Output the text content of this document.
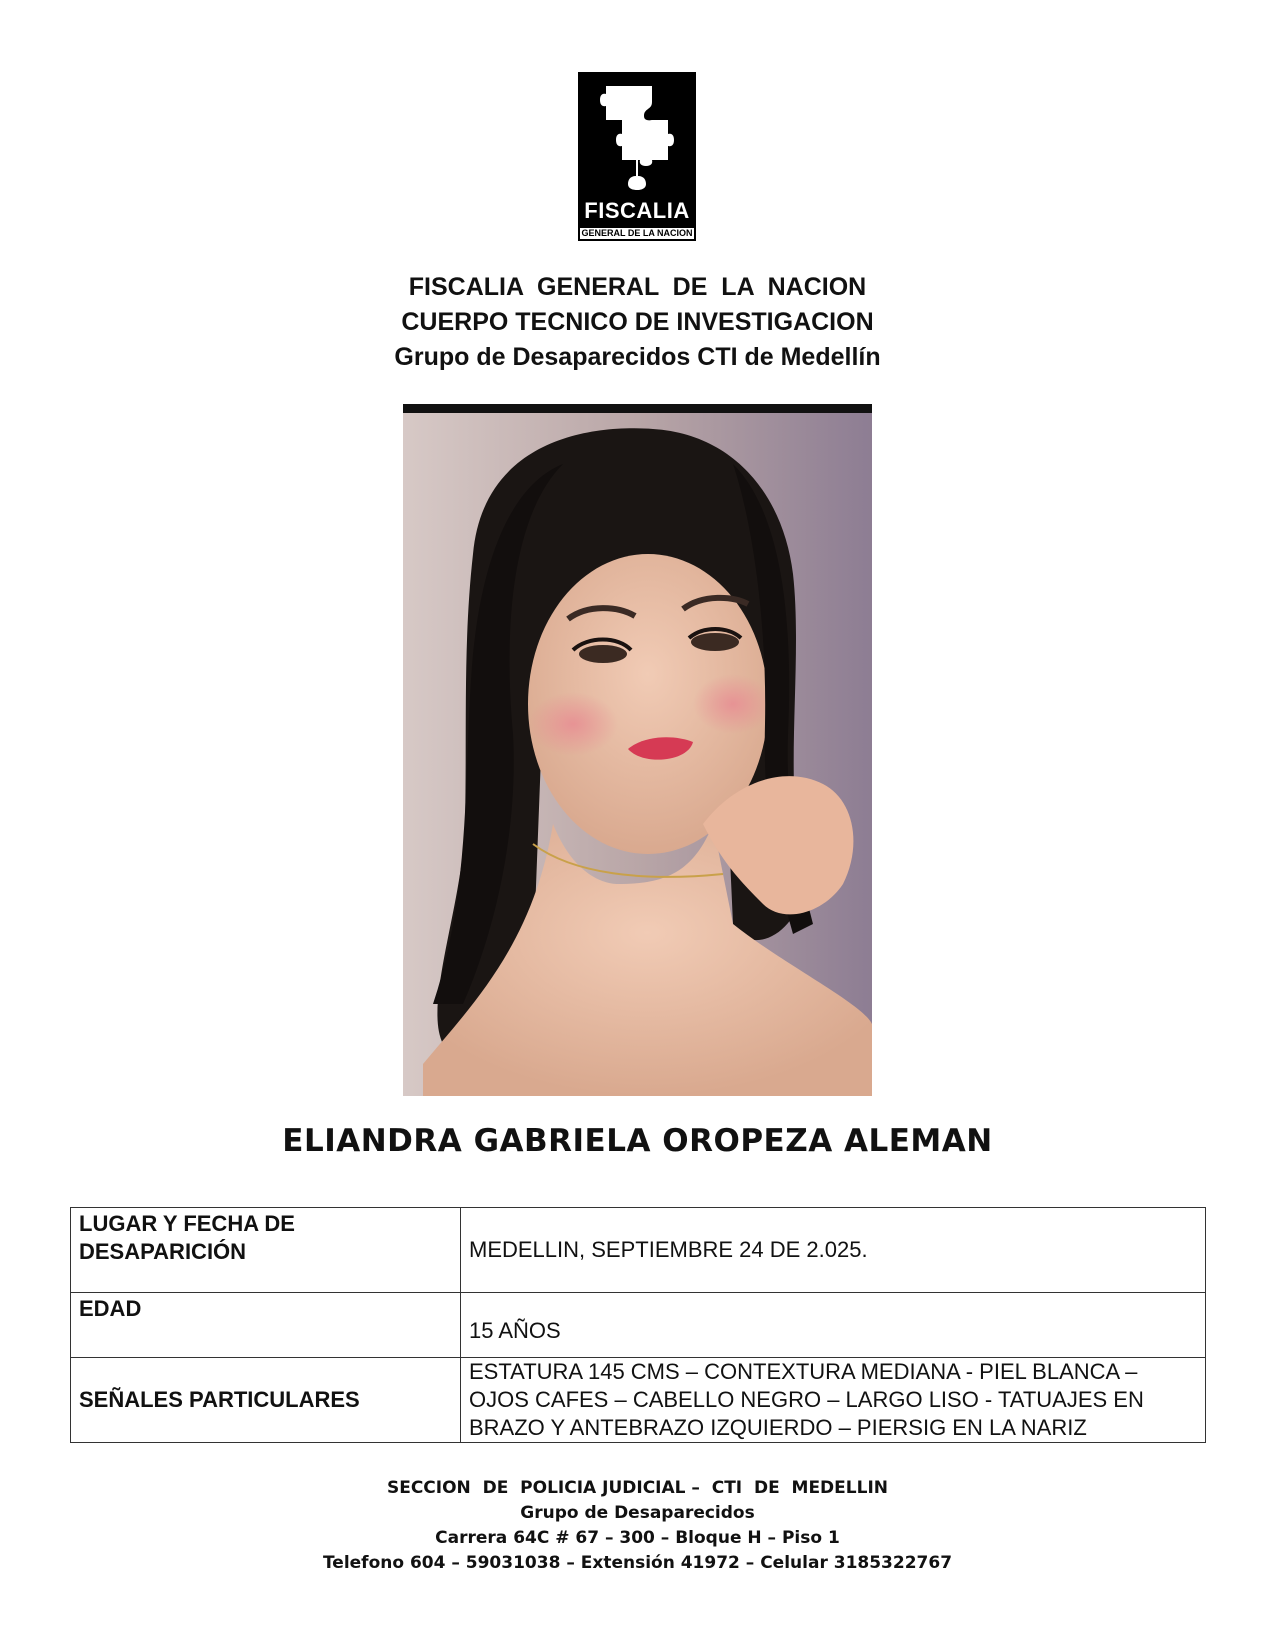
FISCALIA
GENERAL DE LA NACION
FISCALIA  GENERAL  DE  LA  NACION
CUERPO TECNICO DE INVESTIGACION
Grupo de Desaparecidos CTI de Medellín
ELIANDRA GABRIELA OROPEZA ALEMAN
LUGAR Y FECHA DE DESAPARICIÓN	MEDELLIN, SEPTIEMBRE 24 DE 2.025.
EDAD	15 AÑOS
SEÑALES PARTICULARES	ESTATURA 145 CMS – CONTEXTURA MEDIANA - PIEL BLANCA – OJOS CAFES – CABELLO NEGRO – LARGO LISO - TATUAJES EN BRAZO Y ANTEBRAZO IZQUIERDO – PIERSIG EN LA NARIZ
SECCION  DE  POLICIA JUDICIAL –  CTI  DE  MEDELLIN
Grupo de Desaparecidos
Carrera 64C # 67 – 300 – Bloque H – Piso 1
Telefono 604 – 59031038 – Extensión 41972 – Celular 3185322767
